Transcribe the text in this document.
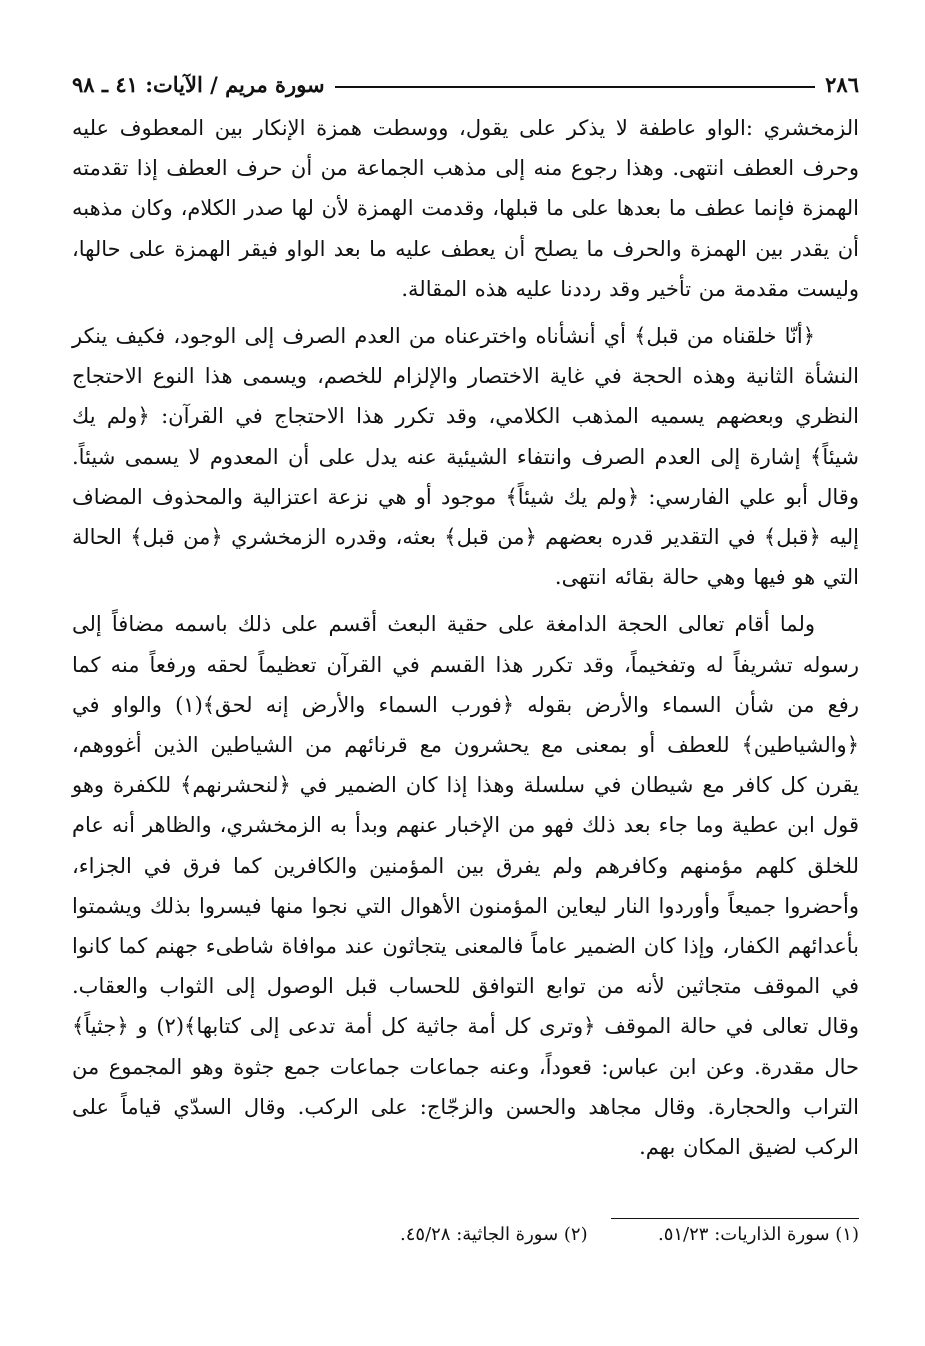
٢٨٦
سورة مريم / الآيات: ٤١ ـ ٩٨

الزمخشري :الواو عاطفة لا يذكر على يقول، ووسطت همزة الإنكار بين المعطوف عليه وحرف العطف انتهى. وهذا رجوع منه إلى مذهب الجماعة من أن حرف العطف إذا تقدمته الهمزة فإنما عطف ما بعدها على ما قبلها، وقدمت الهمزة لأن لها صدر الكلام، وكان مذهبه أن يقدر بين الهمزة والحرف ما يصلح أن يعطف عليه ما بعد الواو فيقر الهمزة على حالها، وليست مقدمة من تأخير وقد رددنا عليه هذه المقالة.

﴿أنّا خلقناه من قبل﴾ أي أنشأناه واخترعناه من العدم الصرف إلى الوجود، فكيف ينكر النشأة الثانية وهذه الحجة في غاية الاختصار والإلزام للخصم، ويسمى هذا النوع الاحتجاج النظري وبعضهم يسميه المذهب الكلامي، وقد تكرر هذا الاحتجاج في القرآن: ﴿ولم يك شيئاً﴾ إشارة إلى العدم الصرف وانتفاء الشيئية عنه يدل على أن المعدوم لا يسمى شيئاً. وقال أبو علي الفارسي: ﴿ولم يك شيئاً﴾ موجود أو هي نزعة اعتزالية والمحذوف المضاف إليه ﴿قبل﴾ في التقدير قدره بعضهم ﴿من قبل﴾ بعثه، وقدره الزمخشري ﴿من قبل﴾ الحالة التي هو فيها وهي حالة بقائه انتهى.

ولما أقام تعالى الحجة الدامغة على حقية البعث أقسم على ذلك باسمه مضافاً إلى رسوله تشريفاً له وتفخيماً، وقد تكرر هذا القسم في القرآن تعظيماً لحقه ورفعاً منه كما رفع من شأن السماء والأرض بقوله ﴿فورب السماء والأرض إنه لحق﴾(١) والواو في ﴿والشياطين﴾ للعطف أو بمعنى مع يحشرون مع قرنائهم من الشياطين الذين أغووهم، يقرن كل كافر مع شيطان في سلسلة وهذا إذا كان الضمير في ﴿لنحشرنهم﴾ للكفرة وهو قول ابن عطية وما جاء بعد ذلك فهو من الإخبار عنهم وبدأ به الزمخشري، والظاهر أنه عام للخلق كلهم مؤمنهم وكافرهم ولم يفرق بين المؤمنين والكافرين كما فرق في الجزاء، وأحضروا جميعاً وأوردوا النار ليعاين المؤمنون الأهوال التي نجوا منها فيسروا بذلك ويشمتوا بأعدائهم الكفار، وإذا كان الضمير عاماً فالمعنى يتجاثون عند موافاة شاطىء جهنم كما كانوا في الموقف متجاثين لأنه من توابع التوافق للحساب قبل الوصول إلى الثواب والعقاب. وقال تعالى في حالة الموقف ﴿وترى كل أمة جاثية كل أمة تدعى إلى كتابها﴾(٢) و ﴿جثياً﴾ حال مقدرة. وعن ابن عباس: قعوداً، وعنه جماعات جماعات جمع جثوة وهو المجموع من التراب والحجارة. وقال مجاهد والحسن والزجّاج: على الركب. وقال السدّي قياماً على الركب لضيق المكان بهم.

(١) سورة الذاريات: ٥١/٢٣.
(٢) سورة الجاثية: ٤٥/٢٨.
